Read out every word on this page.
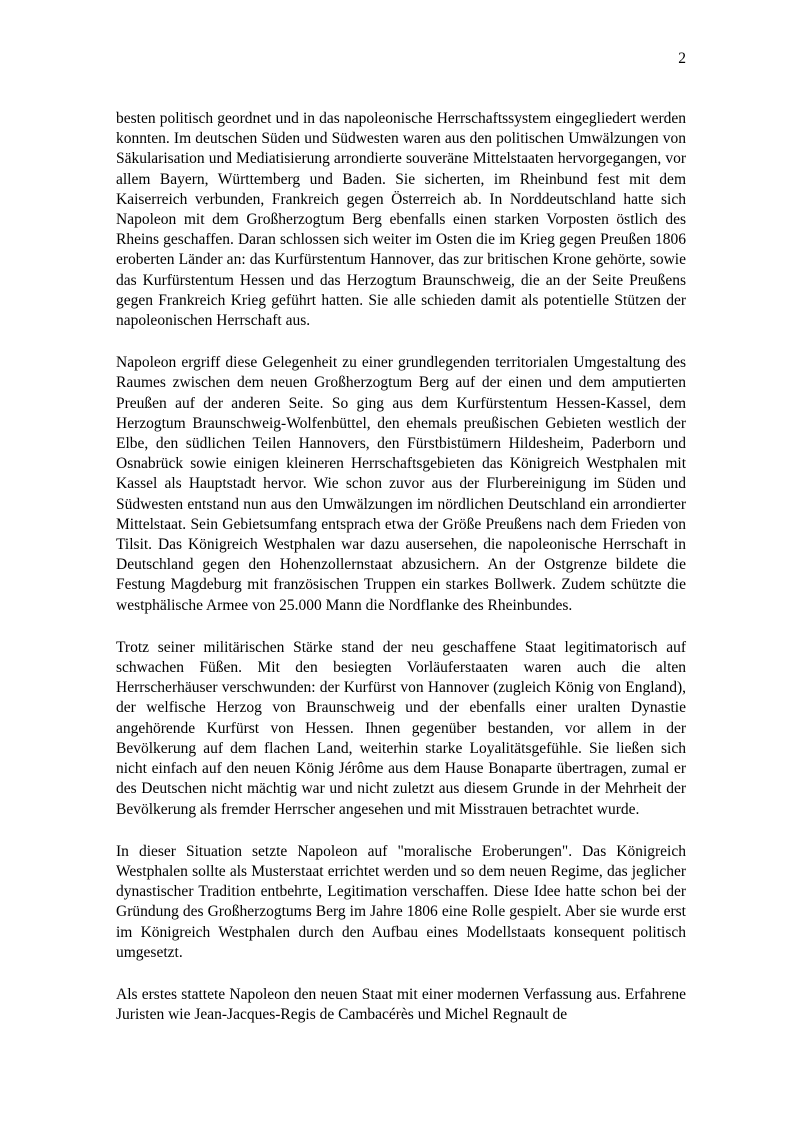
2

besten politisch geordnet und in das napoleonische Herrschaftssystem eingegliedert werden konnten. Im deutschen Süden und Südwesten waren aus den politischen Umwälzungen von Säkularisation und Mediatisierung arrondierte souveräne Mittelstaaten hervorgegangen, vor allem Bayern, Württemberg und Baden. Sie sicherten, im Rheinbund fest mit dem Kaiserreich verbunden, Frankreich gegen Österreich ab. In Norddeutschland hatte sich Napoleon mit dem Großherzogtum Berg ebenfalls einen starken Vorposten östlich des Rheins geschaffen. Daran schlossen sich weiter im Osten die im Krieg gegen Preußen 1806 eroberten Länder an: das Kurfürstentum Hannover, das zur britischen Krone gehörte, sowie das Kurfürstentum Hessen und das Herzogtum Braunschweig, die an der Seite Preußens gegen Frankreich Krieg geführt hatten. Sie alle schieden damit als potentielle Stützen der napoleonischen Herrschaft aus.

Napoleon ergriff diese Gelegenheit zu einer grundlegenden territorialen Umgestaltung des Raumes zwischen dem neuen Großherzogtum Berg auf der einen und dem amputierten Preußen auf der anderen Seite. So ging aus dem Kurfürstentum Hessen-Kassel, dem Herzogtum Braunschweig-Wolfenbüttel, den ehemals preußischen Gebieten westlich der Elbe, den südlichen Teilen Hannovers, den Fürstbistümern Hildesheim, Paderborn und Osnabrück sowie einigen kleineren Herrschaftsgebieten das Königreich Westphalen mit Kassel als Hauptstadt hervor. Wie schon zuvor aus der Flurbereinigung im Süden und Südwesten entstand nun aus den Umwälzungen im nördlichen Deutschland ein arrondierter Mittelstaat. Sein Gebietsumfang entsprach etwa der Größe Preußens nach dem Frieden von Tilsit. Das Königreich Westphalen war dazu ausersehen, die napoleonische Herrschaft in Deutschland gegen den Hohenzollernstaat abzusichern. An der Ostgrenze bildete die Festung Magdeburg mit französischen Truppen ein starkes Bollwerk. Zudem schützte die westphälische Armee von 25.000 Mann die Nordflanke des Rheinbundes.

Trotz seiner militärischen Stärke stand der neu geschaffene Staat legitimatorisch auf schwachen Füßen. Mit den besiegten Vorläuferstaaten waren auch die alten Herrscherhäuser verschwunden: der Kurfürst von Hannover (zugleich König von England), der welfische Herzog von Braunschweig und der ebenfalls einer uralten Dynastie angehörende Kurfürst von Hessen. Ihnen gegenüber bestanden, vor allem in der Bevölkerung auf dem flachen Land, weiterhin starke Loyalitätsgefühle. Sie ließen sich nicht einfach auf den neuen König Jérôme aus dem Hause Bonaparte übertragen, zumal er des Deutschen nicht mächtig war und nicht zuletzt aus diesem Grunde in der Mehrheit der Bevölkerung als fremder Herrscher angesehen und mit Misstrauen betrachtet wurde.

In dieser Situation setzte Napoleon auf "moralische Eroberungen". Das Königreich Westphalen sollte als Musterstaat errichtet werden und so dem neuen Regime, das jeglicher dynastischer Tradition entbehrte, Legitimation verschaffen. Diese Idee hatte schon bei der Gründung des Großherzogtums Berg im Jahre 1806 eine Rolle gespielt. Aber sie wurde erst im Königreich Westphalen durch den Aufbau eines Modellstaats konsequent politisch umgesetzt.

Als erstes stattete Napoleon den neuen Staat mit einer modernen Verfassung aus. Erfahrene Juristen wie Jean-Jacques-Regis de Cambacérès und Michel Regnault de
